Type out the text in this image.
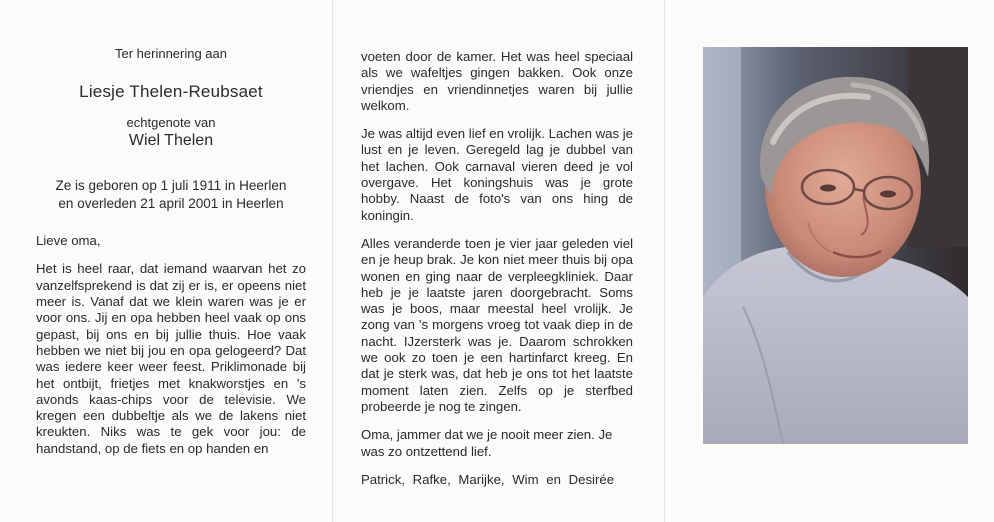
Ter herinnering aan

Liesje Thelen-Reubsaet

echtgenote van

Wiel Thelen

Ze is geboren op 1 juli 1911 in Heerlen
en overleden 21 april 2001 in Heerlen

Lieve oma,

Het is heel raar, dat iemand waarvan het zo vanzelfsprekend is dat zij er is, er opeens niet meer is. Vanaf dat we klein waren was je er voor ons. Jij en opa hebben heel vaak op ons gepast, bij ons en bij jullie thuis. Hoe vaak hebben we niet bij jou en opa gelogeerd? Dat was iedere keer weer feest. Priklimonade bij het ontbijt, frietjes met knakworstjes en 's avonds kaas-chips voor de televisie. We kregen een dubbeltje als we de lakens niet kreukten. Niks was te gek voor jou: de handstand, op de fiets en op handen en

voeten door de kamer. Het was heel speciaal als we wafeltjes gingen bakken. Ook onze vriendjes en vriendinnetjes waren bij jullie welkom.

Je was altijd even lief en vrolijk. Lachen was je lust en je leven. Geregeld lag je dubbel van het lachen. Ook carnaval vieren deed je vol overgave. Het koningshuis was je grote hobby. Naast de foto's van ons hing de koningin.

Alles veranderde toen je vier jaar geleden viel en je heup brak. Je kon niet meer thuis bij opa wonen en ging naar de verpleegkliniek. Daar heb je je laatste jaren doorgebracht. Soms was je boos, maar meestal heel vrolijk. Je zong van 's morgens vroeg tot vaak diep in de nacht. IJzersterk was je. Daarom schrokken we ook zo toen je een hartinfarct kreeg. En dat je sterk was, dat heb je ons tot het laatste moment laten zien. Zelfs op je sterfbed probeerde je nog te zingen.

Oma, jammer dat we je nooit meer zien. Je was zo ontzettend lief.

Patrick, Rafke, Marijke, Wim en Desirée
